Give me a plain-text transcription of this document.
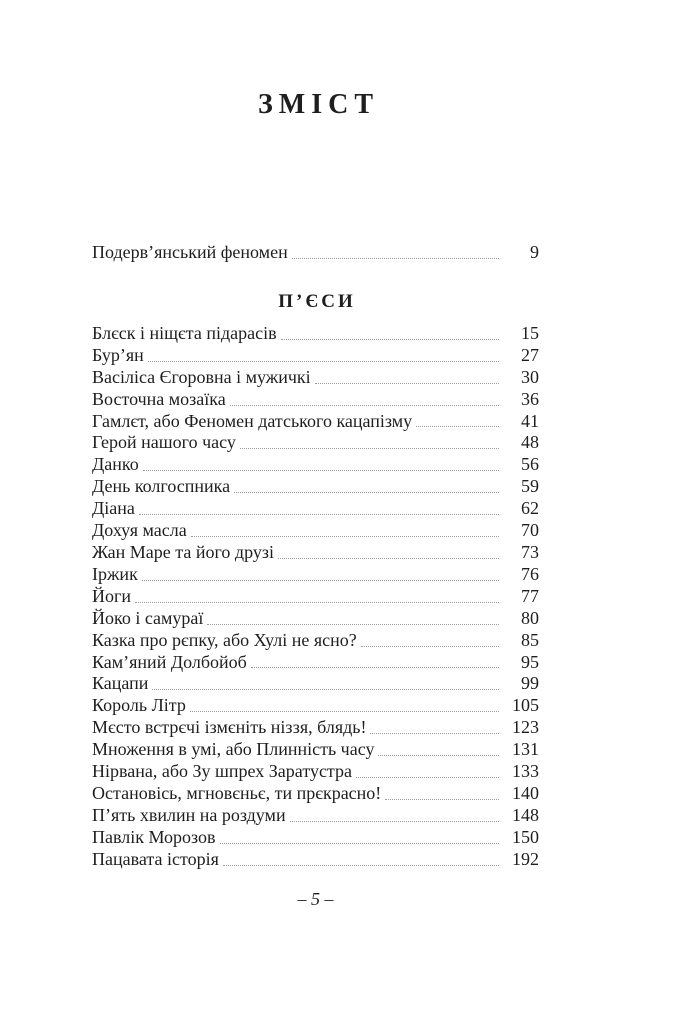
ЗМІСТ
Подерв’янський феномен	9
П’ЄСИ
Блєск і ніщєта підарасів	15
Бур’ян	27
Васіліса Єгоровна і мужичкі	30
Восточна мозаїка	36
Гамлєт, або Феномен датського кацапізму	41
Герой нашого часу	48
Данко	56
День колгоспника	59
Діана	62
Дохуя масла	70
Жан Маре та його друзі	73
Іржик	76
Йоги	77
Йоко і самураї	80
Казка про рєпку, або Хулі не ясно?	85
Кам’яний Долбойоб	95
Кацапи	99
Король Літр	105
Мєсто встрєчі ізмєніть ніззя, блядь!	123
Множення в умі, або Плинність часу	131
Нірвана, або Зу шпрех Заратустра	133
Остановісь, мгновєньє, ти прєкрасно!	140
П’ять хвилин на роздуми	148
Павлік Морозов	150
Пацавата історія	192
– 5 –
